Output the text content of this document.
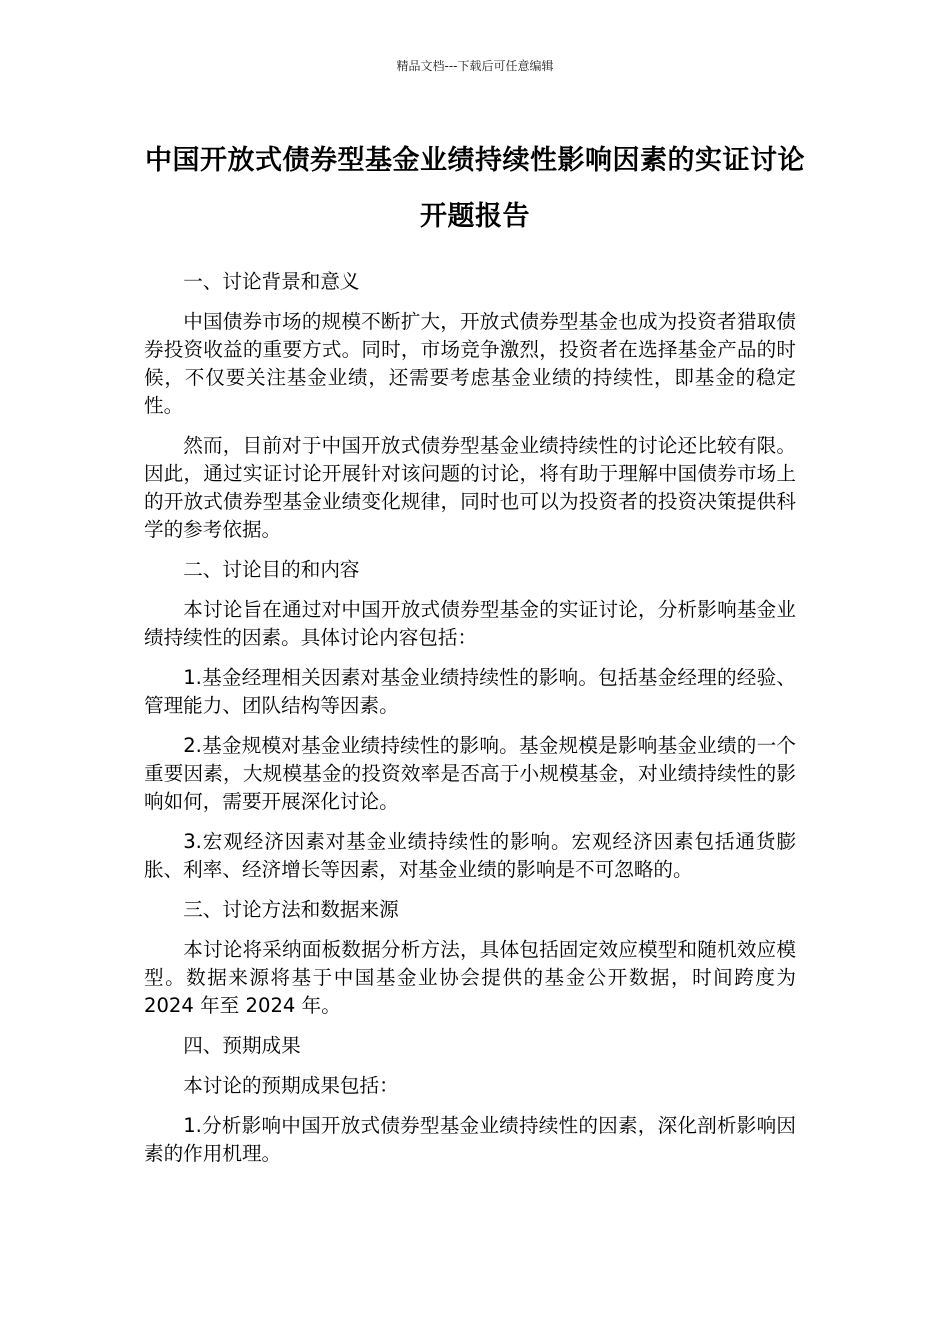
精品文档---下载后可任意编辑
中国开放式债券型基金业绩持续性影响因素的实证讨论开题报告

一、讨论背景和意义

中国债券市场的规模不断扩大，开放式债券型基金也成为投资者猎取债券投资收益的重要方式。同时，市场竞争激烈，投资者在选择基金产品的时候，不仅要关注基金业绩，还需要考虑基金业绩的持续性，即基金的稳定性。

然而，目前对于中国开放式债券型基金业绩持续性的讨论还比较有限。因此，通过实证讨论开展针对该问题的讨论，将有助于理解中国债券市场上的开放式债券型基金业绩变化规律，同时也可以为投资者的投资决策提供科学的参考依据。

二、讨论目的和内容

本讨论旨在通过对中国开放式债券型基金的实证讨论，分析影响基金业绩持续性的因素。具体讨论内容包括：

1.基金经理相关因素对基金业绩持续性的影响。包括基金经理的经验、管理能力、团队结构等因素。

2.基金规模对基金业绩持续性的影响。基金规模是影响基金业绩的一个重要因素，大规模基金的投资效率是否高于小规模基金，对业绩持续性的影响如何，需要开展深化讨论。

3.宏观经济因素对基金业绩持续性的影响。宏观经济因素包括通货膨胀、利率、经济增长等因素，对基金业绩的影响是不可忽略的。

三、讨论方法和数据来源

本讨论将采纳面板数据分析方法，具体包括固定效应模型和随机效应模型。数据来源将基于中国基金业协会提供的基金公开数据，时间跨度为 2024 年至 2024 年。

四、预期成果

本讨论的预期成果包括：

1.分析影响中国开放式债券型基金业绩持续性的因素，深化剖析影响因素的作用机理。
